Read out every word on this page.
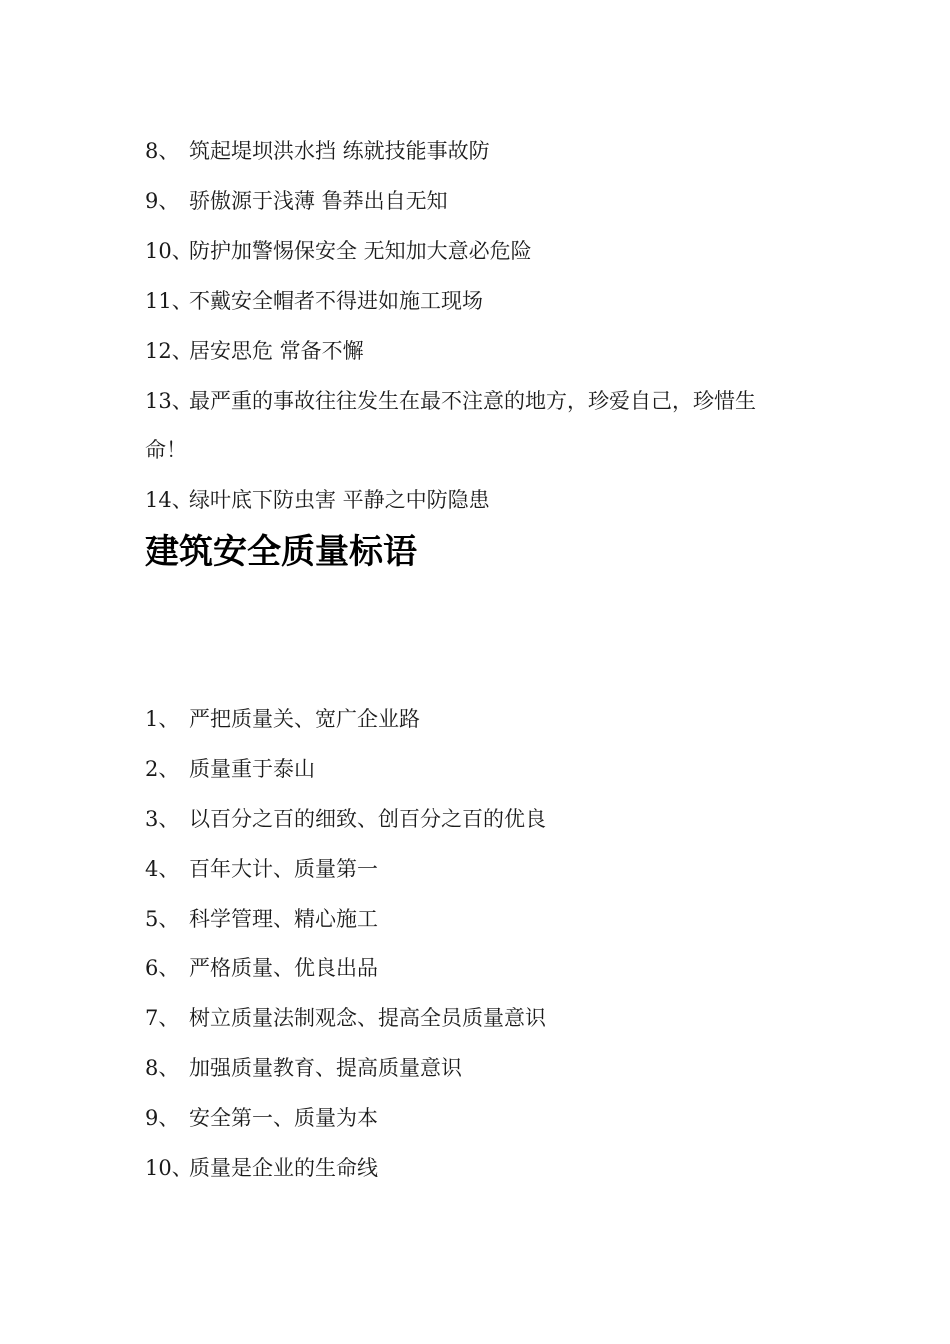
8、 筑起堤坝洪水挡 练就技能事故防
9、 骄傲源于浅薄 鲁莽出自无知
10、防护加警惕保安全 无知加大意必危险
11、不戴安全帽者不得进如施工现场
12、居安思危 常备不懈
13、最严重的事故往往发生在最不注意的地方，珍爱自己，珍惜生
命！
14、绿叶底下防虫害 平静之中防隐患
建筑安全质量标语
1、 严把质量关、宽广企业路
2、 质量重于泰山
3、 以百分之百的细致、创百分之百的优良
4、 百年大计、质量第一
5、 科学管理、精心施工
6、 严格质量、优良出品
7、 树立质量法制观念、提高全员质量意识
8、 加强质量教育、提高质量意识
9、 安全第一、质量为本
10、质量是企业的生命线
